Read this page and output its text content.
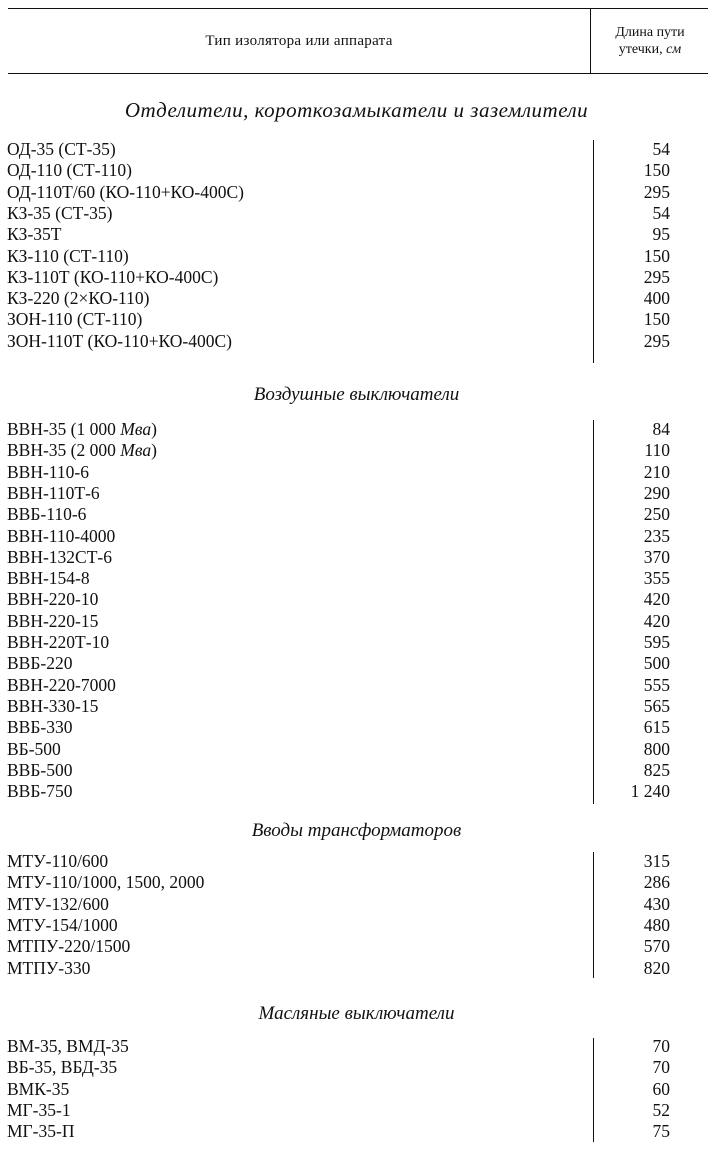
Тип изолятора или аппарата	Длина пути
утечки, см
Отделители, короткозамыкатели и заземлители
ОД-35 (СТ-35)	54
ОД-110 (СТ-110)	150
ОД-110Т/60 (КО-110+КО-400С)	295
КЗ-35 (СТ-35)	54
КЗ-35Т	95
КЗ-110 (СТ-110)	150
КЗ-110Т (КО-110+КО-400С)	295
КЗ-220 (2×КО-110)	400
ЗОН-110 (СТ-110)	150
ЗОН-110Т (КО-110+КО-400С)	295
Воздушные выключатели
ВВН-35 (1 000 Мва)	84
ВВН-35 (2 000 Мва)	110
ВВН-110-6	210
ВВН-110Т-6	290
ВВБ-110-6	250
ВВН-110-4000	235
ВВН-132СТ-6	370
ВВН-154-8	355
ВВН-220-10	420
ВВН-220-15	420
ВВН-220Т-10	595
ВВБ-220	500
ВВН-220-7000	555
ВВН-330-15	565
ВВБ-330	615
ВБ-500	800
ВВБ-500	825
ВВБ-750	1 240
Вводы трансформаторов
МТУ-110/600	315
МТУ-110/1000, 1500, 2000	286
МТУ-132/600	430
МТУ-154/1000	480
МТПУ-220/1500	570
МТПУ-330	820
Масляные выключатели
ВМ-35, ВМД-35	70
ВБ-35, ВБД-35	70
ВМК-35	60
МГ-35-1	52
МГ-35-П	75
